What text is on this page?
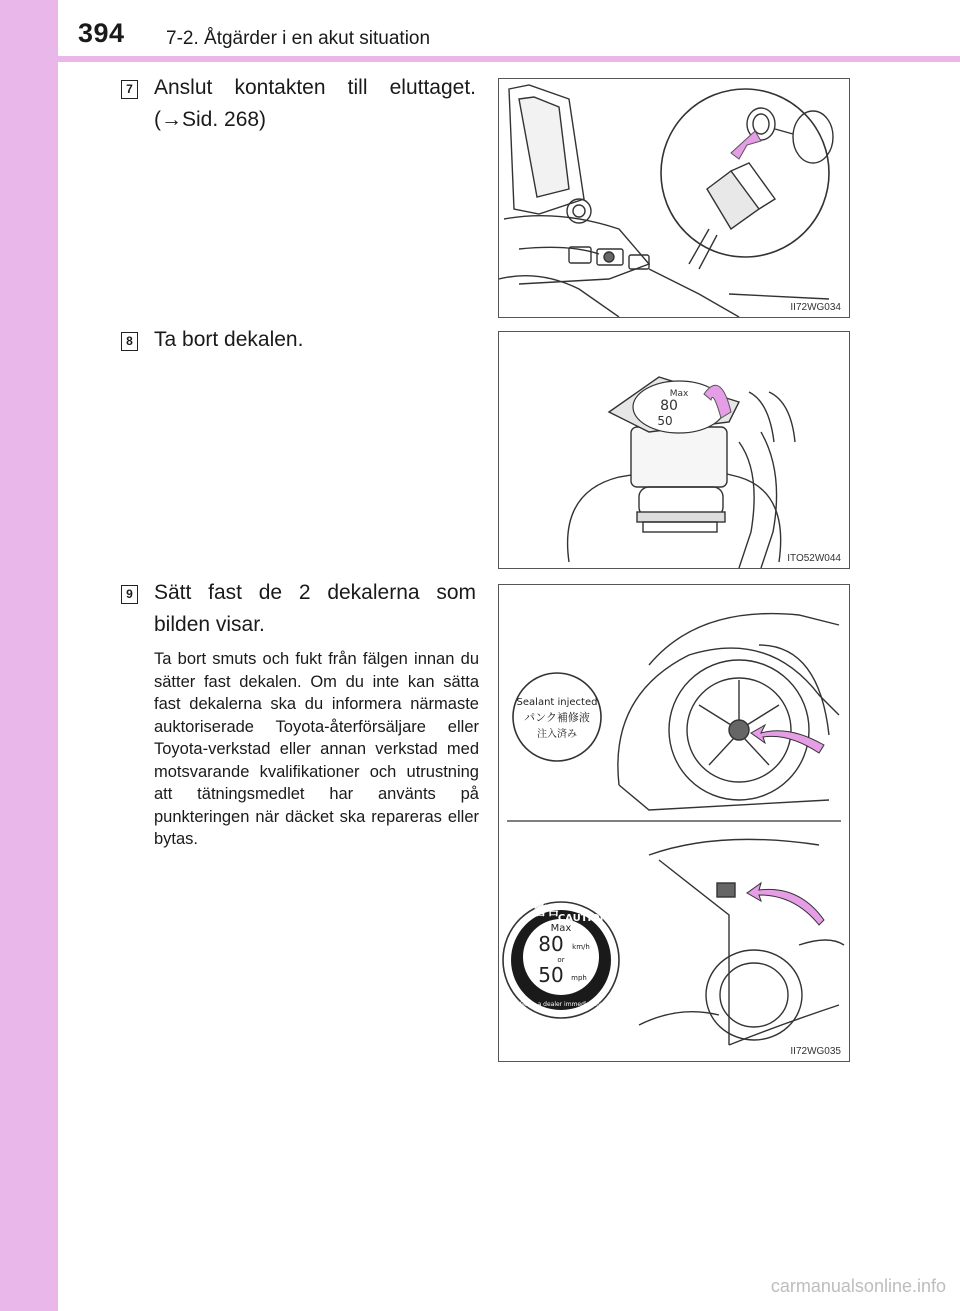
394 7-2. Åtgärder i en akut situation
7 Anslut kontakten till eluttaget.
(→Sid. 268)
II72WG034
8 Ta bort dekalen.
Max
80
50
ITO52W044
9 Sätt fast de 2 dekalerna som bilden visar.
Ta bort smuts och fukt från fälgen innan du sätter fast dekalen. Om du inte kan sätta fast dekalerna ska du informera närmaste auktoriserade Toyota-återförsäljare eller Toyota-verkstad eller annan verkstad med motsvarande kvalifikationer och utrustning att tätningsmedlet har använts på punkteringen när däcket ska repareras eller bytas.
Sealant injected
パンク補修液
注入済み
警告
CAUTION
Max
80 km/h
or
50 mph
Go to a dealer immediately.
II72WG035
carmanualsonline.info
